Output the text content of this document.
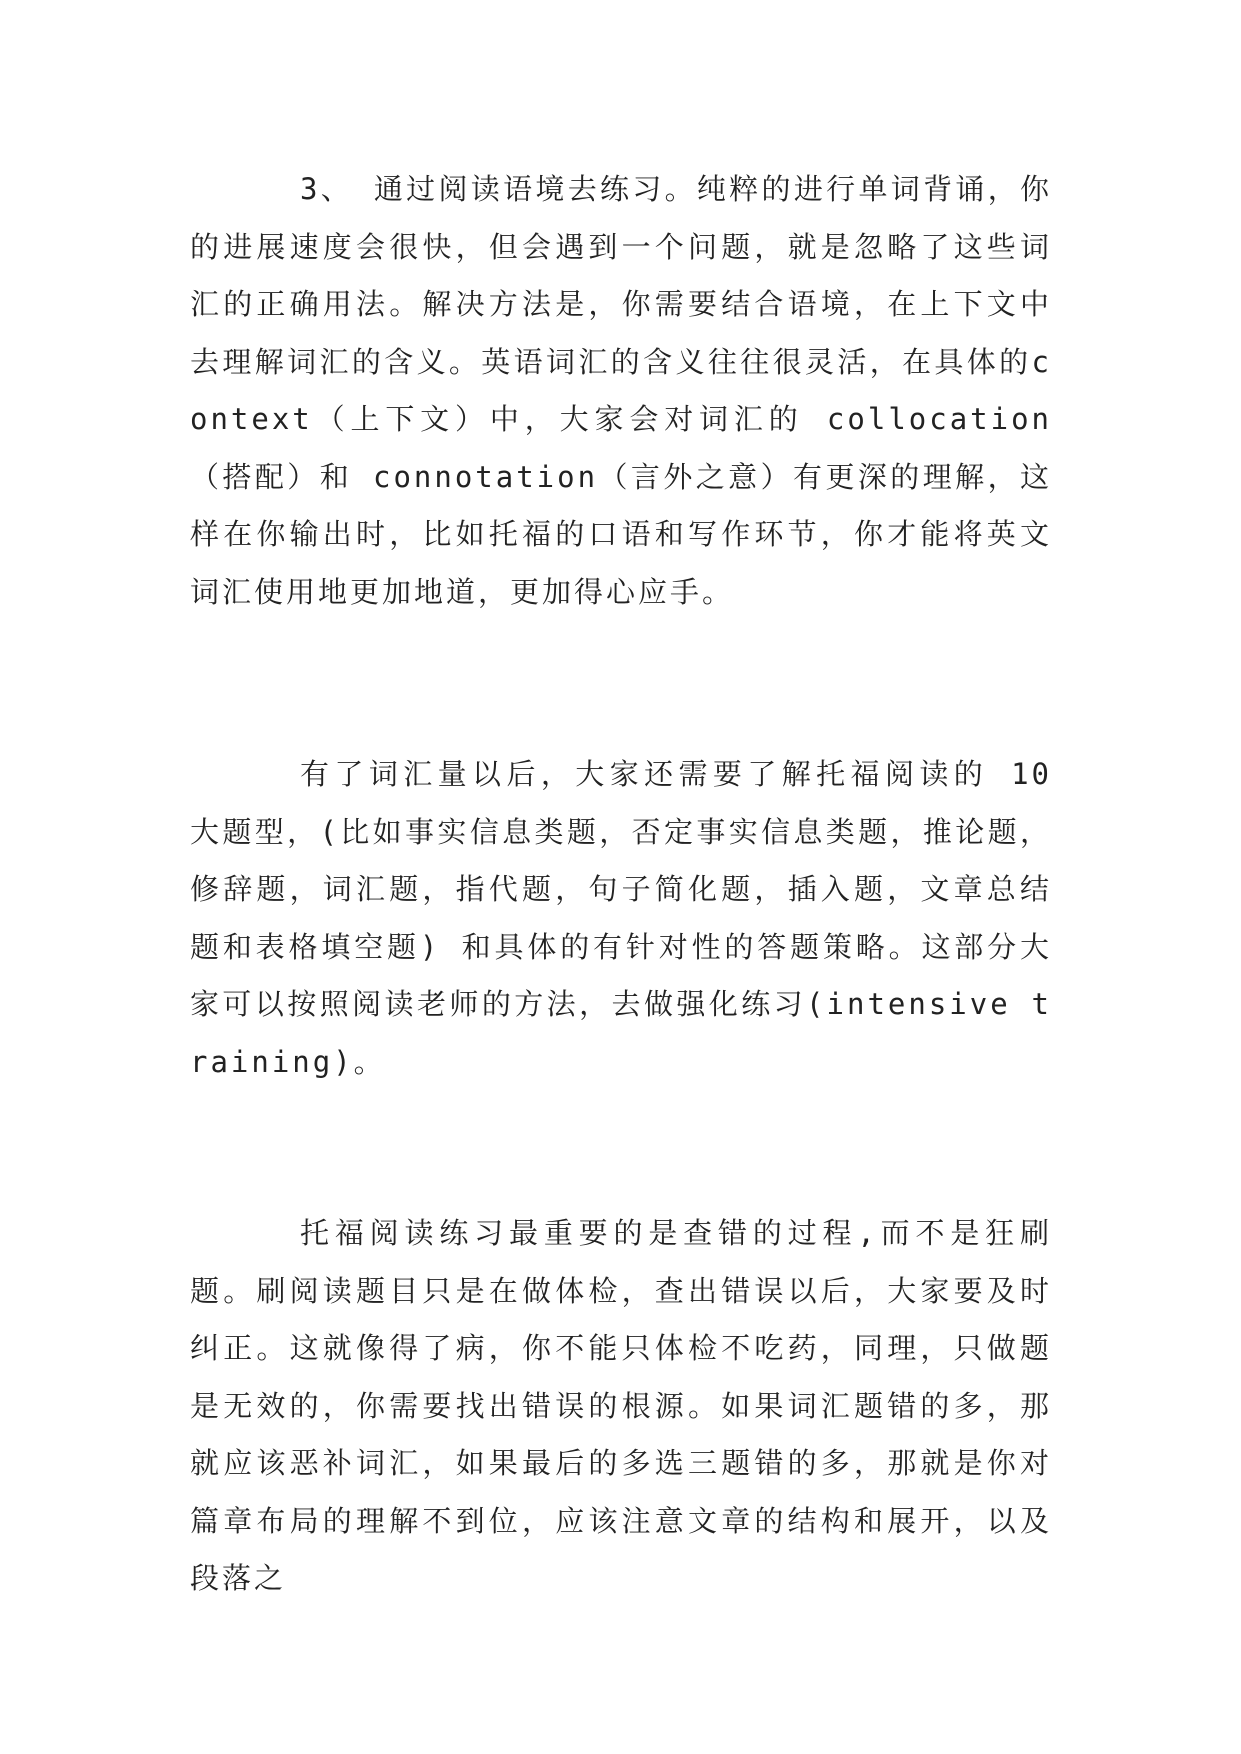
3、 通过阅读语境去练习。纯粹的进行单词背诵，你的进展速度会很快，但会遇到一个问题，就是忽略了这些词汇的正确用法。解决方法是，你需要结合语境，在上下文中去理解词汇的含义。英语词汇的含义往往很灵活，在具体的context（上下文）中，大家会对词汇的 collocation（搭配）和 connotation（言外之意）有更深的理解，这样在你输出时，比如托福的口语和写作环节，你才能将英文词汇使用地更加地道，更加得心应手。

有了词汇量以后，大家还需要了解托福阅读的 10 大题型，(比如事实信息类题，否定事实信息类题，推论题，修辞题，词汇题，指代题，句子简化题，插入题，文章总结题和表格填空题) 和具体的有针对性的答题策略。这部分大家可以按照阅读老师的方法，去做强化练习(intensive training)。

托福阅读练习最重要的是查错的过程,而不是狂刷题。刷阅读题目只是在做体检，查出错误以后，大家要及时纠正。这就像得了病，你不能只体检不吃药，同理，只做题是无效的，你需要找出错误的根源。如果词汇题错的多，那就应该恶补词汇，如果最后的多选三题错的多，那就是你对篇章布局的理解不到位，应该注意文章的结构和展开，以及段落之
